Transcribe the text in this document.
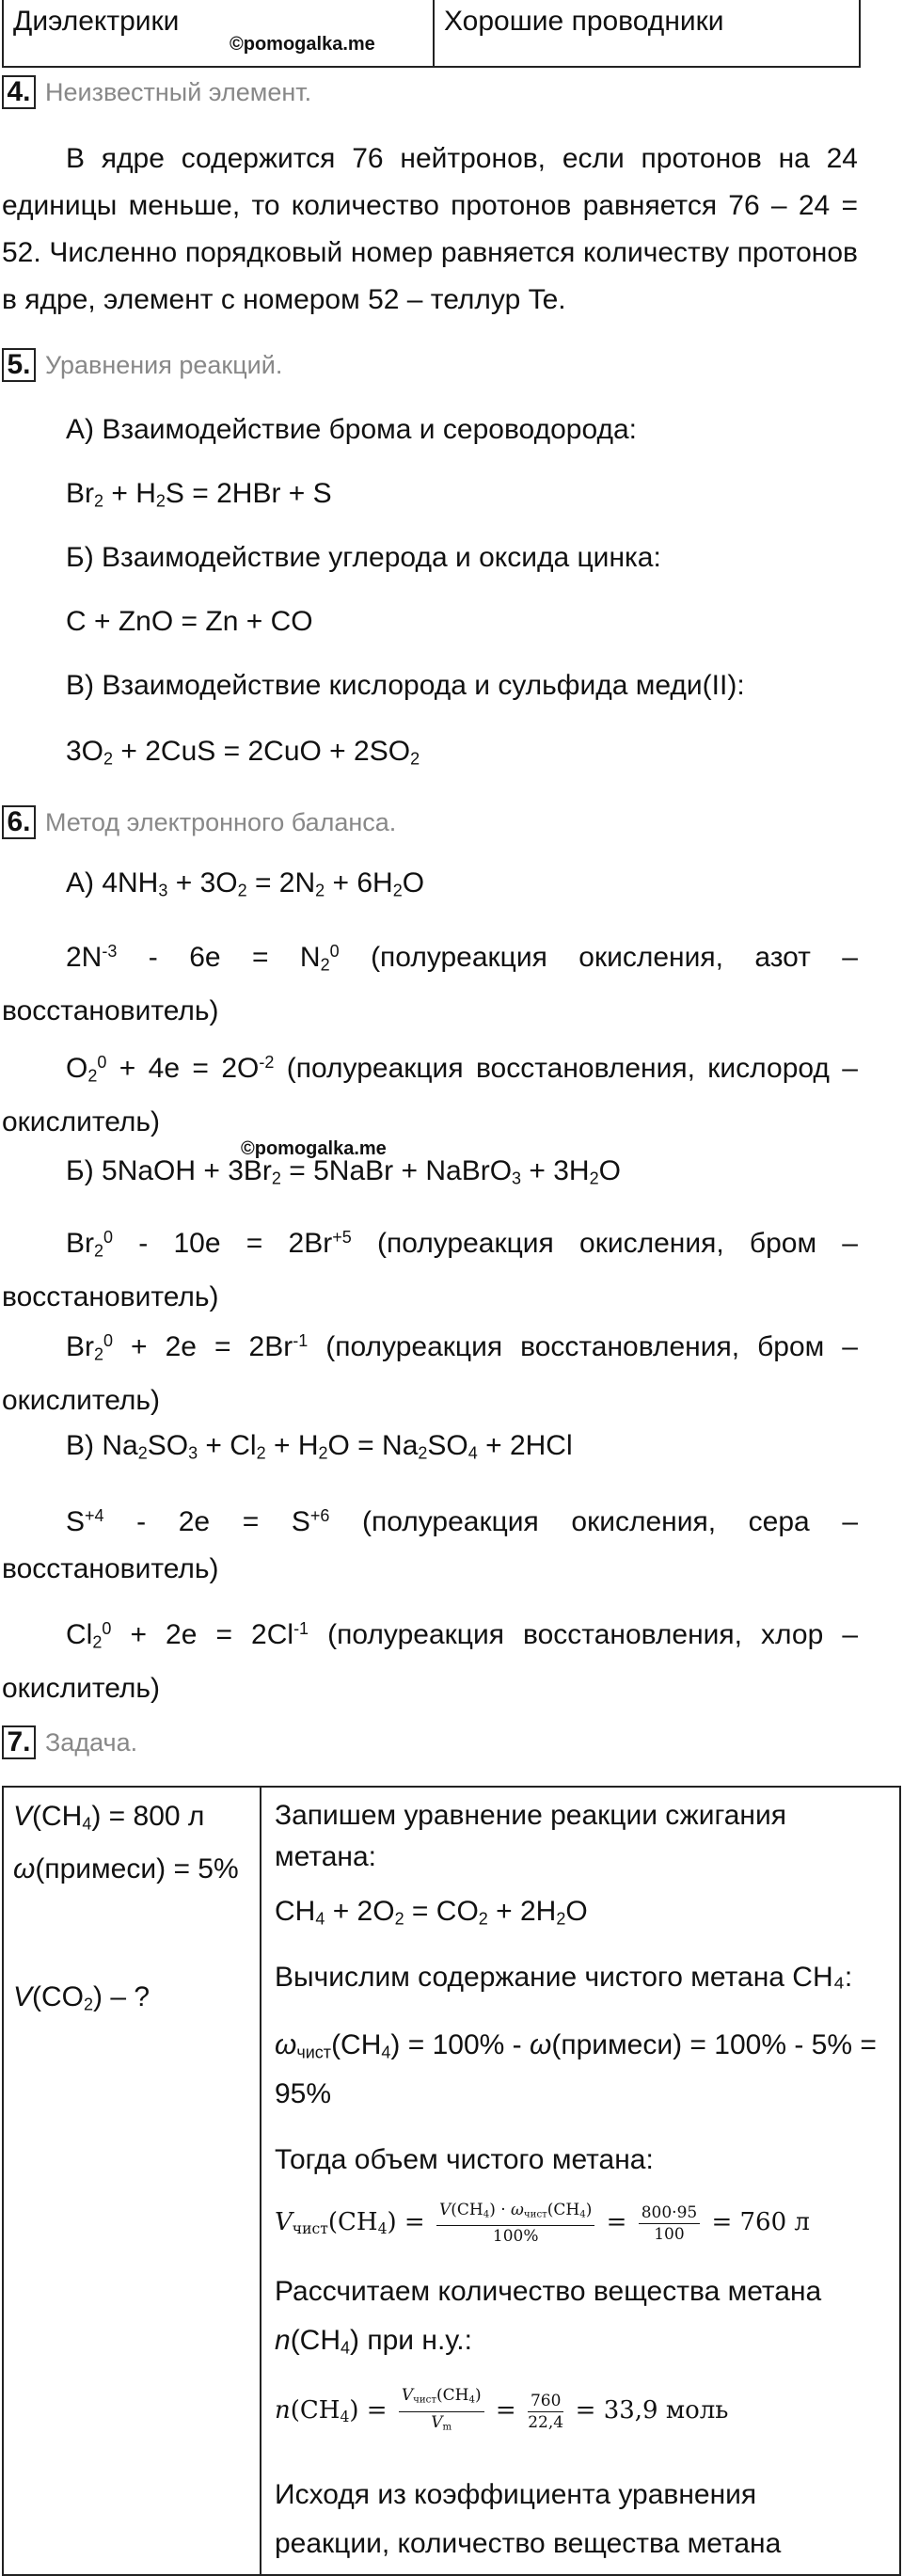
Диэлектрики
©pomogalka.me
Хорошие проводники
4. Неизвестный элемент.
В ядре содержится 76 нейтронов, если протонов на 24 единицы меньше, то количество протонов равняется 76 – 24 = 52. Численно порядковый номер равняется количеству протонов в ядре, элемент с номером 52 – теллур Te.
5. Уравнения реакций.
А) Взаимодействие брома и сероводорода:
$Br_2 + H_2S = 2HBr + S$
Б) Взаимодействие углерода и оксида цинка:
C + ZnO = Zn + CO
В) Взаимодействие кислорода и сульфида меди(II):
$3O_2 + 2CuS = 2CuO + 2SO_2$
6. Метод электронного баланса.
А) $4NH_3 + 3O_2 = 2N_2 + 6H_2O$
$2N^{-3} - 6e = N_2^0$ (полуреакция окисления, азот – восстановитель)
$O_2^0 + 4e = 2O^{-2}$ (полуреакция восстановления, кислород – окислитель)
©pomogalka.me
Б) 5NaOH + $3Br_2$ = 5NaBr + NaBrO$_3$ + $3H_2O$
$Br_2^0 - 10e = 2Br^{+5}$ (полуреакция окисления, бром – восстановитель)
$Br_2^0 + 2e = 2Br^{-1}$ (полуреакция восстановления, бром – окислитель)
В) $Na_2SO_3 + Cl_2 + H_2O = Na_2SO_4 + 2HCl$
$S^{+4} - 2e = S^{+6}$ (полуреакция окисления, сера – восстановитель)
$Cl_2^0 + 2e = 2Cl^{-1}$ (полуреакция восстановления, хлор – окислитель)
7. Задача.
$V(CH_4) = 800$ л
ω(примеси) = 5%
$V(CO_2)$ – ?
Запишем уравнение реакции сжигания метана:
$CH_4 + 2O_2 = CO_2 + 2H_2O$
Вычислим содержание чистого метана CH₄:
$\omega_{чист}(CH_4) = 100\%$ - ω(примеси) = 100% - 5% =
95%
Тогда объем чистого метана:
$V_{чист}(CH_4) = \frac{V(CH_4) \cdot \omega_{чист}(CH_4)}{100\%} = \frac{800\cdot 95}{100} = 760$ л
Рассчитаем количество вещества метана
$n(CH_4)$ при н.у.:
$n(CH_4) = \frac{V_{чист}(CH_4)}{V_m} = \frac{760}{22,4} = 33,9$ моль
Исходя из коэффициента уравнения реакции, количество вещества метана
